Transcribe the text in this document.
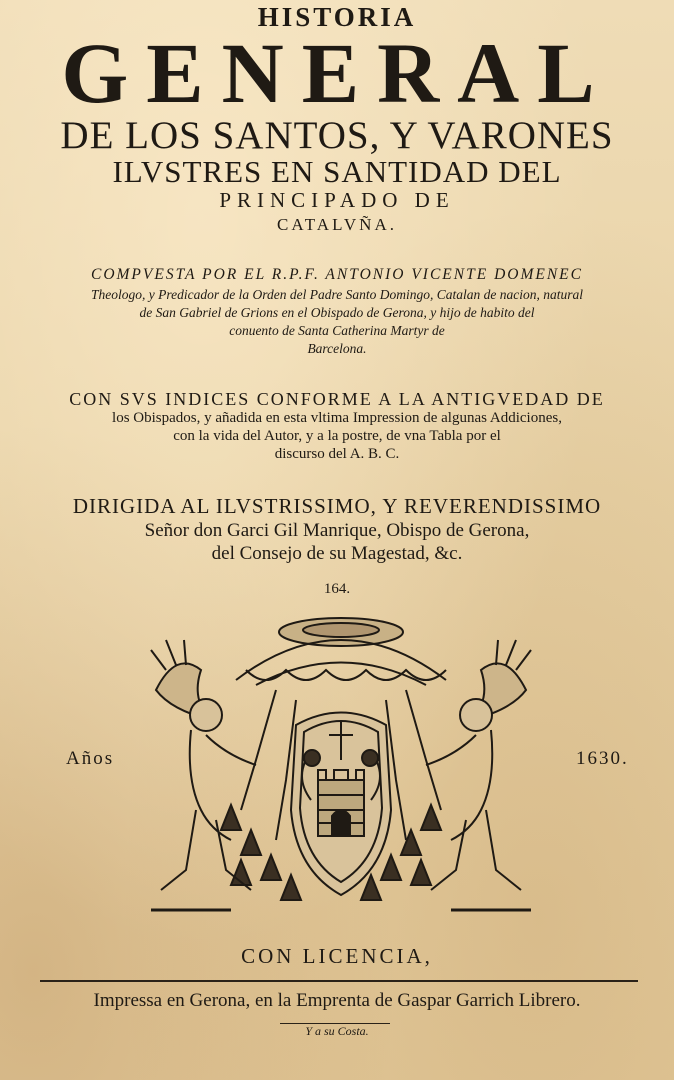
HISTORIA
GENERAL
DE LOS SANTOS, Y VARONES
ILVSTRES EN SANTIDAD DEL
PRINCIPADO DE
CATALVÑA.
COMPVESTA POR EL R.P.F. ANTONIO VICENTE DOMENEC
Theologo, y Predicador de la Orden del Padre Santo Domingo, Catalan de nacion, natural
de San Gabriel de Grions en el Obispado de Gerona, y hijo de habito del
conuento de Santa Catherina Martyr de
Barcelona.
CON SVS INDICES CONFORME A LA ANTIGVEDAD DE
los Obispados, y añadida en esta vltima Impression de algunas Addiciones,
con la vida del Autor, y a la postre, de vna Tabla por el
discurso del A. B. C.
DIRIGIDA AL ILVSTRISSIMO, Y REVERENDISSIMO
Señor don Garci Gil Manrique, Obispo de Gerona,
del Consejo de su Magestad, &c.
164.
Años	1630.
CON LICENCIA,
Impressa en Gerona, en la Emprenta de Gaspar Garrich Librero.
Y a su Costa.
